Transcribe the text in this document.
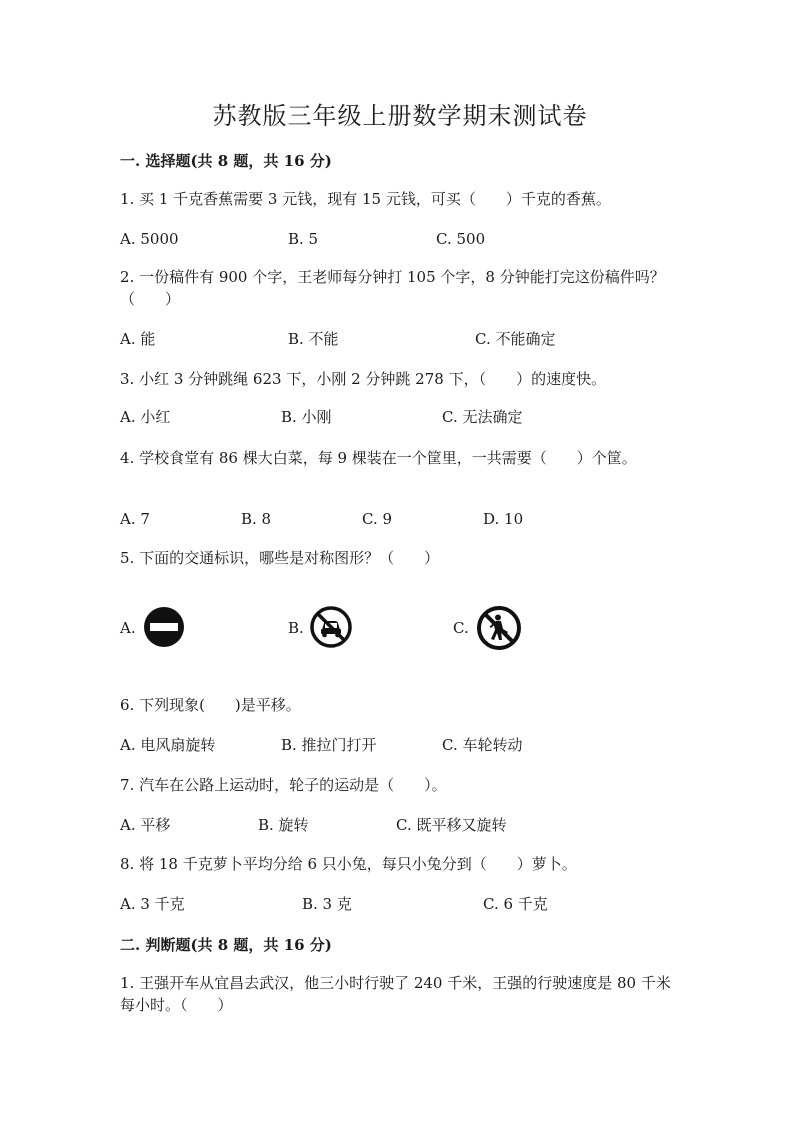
苏教版三年级上册数学期末测试卷
一. 选择题(共 8 题，共 16 分)
1. 买 1 千克香蕉需要 3 元钱，现有 15 元钱，可买（　　）千克的香蕉。
A. 5000	B. 5	C. 500
2. 一份稿件有 900 个字，王老师每分钟打 105 个字，8 分钟能打完这份稿件吗？（　　）
A. 能	B. 不能	C. 不能确定
3. 小红 3 分钟跳绳 623 下，小刚 2 分钟跳 278 下，（　　）的速度快。
A. 小红	B. 小刚	C. 无法确定
4. 学校食堂有 86 棵大白菜，每 9 棵装在一个筐里，一共需要（　　）个筐。
A. 7	B. 8	C. 9	D. 10
5. 下面的交通标识，哪些是对称图形？（　　）
A.	B.	C.
6. 下列现象(　　)是平移。
A. 电风扇旋转	B. 推拉门打开	C. 车轮转动
7. 汽车在公路上运动时，轮子的运动是（　　）。
A. 平移	B. 旋转	C. 既平移又旋转
8. 将 18 千克萝卜平均分给 6 只小兔，每只小兔分到（　　）萝卜。
A. 3 千克	B. 3 克	C. 6 千克
二. 判断题(共 8 题，共 16 分)
1. 王强开车从宜昌去武汉，他三小时行驶了 240 千米，王强的行驶速度是 80 千米每小时。（　　）
